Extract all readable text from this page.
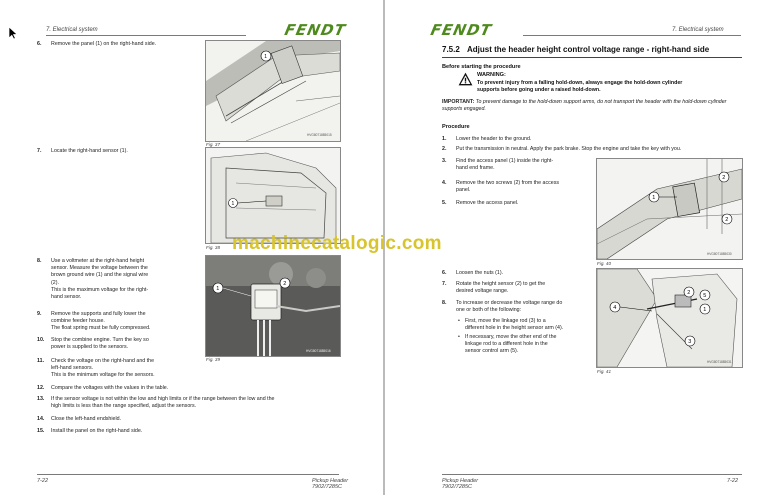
7. Electrical system	FENDT
6. Remove the panel (1) on the right-hand side.
1
Fig. 37
HVG8071885015
7. Locate the right-hand sensor (1).
1
Fig. 38
8. Use a voltmeter at the right-hand height
sensor. Measure the voltage between the
brown ground wire (1) and the signal wire
(2).
This is the maximum voltage for the right-
hand sensor.
1
2
Fig. 39
HVG8071885016
9. Remove the supports and fully lower the
combine feeder house.
The float spring must be fully compressed.
10. Stop the combine engine. Turn the key so
power is supplied to the sensors.
11. Check the voltage on the right-hand and the
left-hand sensors.
This is the minimum voltage for the sensors.
12. Compare the voltages with the values in the table.
13. If the sensor voltage is not within the low and high limits or if the range between the low and the
high limits is less than the range specified, adjust the sensors.
14. Close the left-hand endshield.
15. Install the panel on the right-hand side.
7-22	Pickup Header
7902/7285C
FENDT	7. Electrical system
7.5.2 Adjust the header height control voltage range - right-hand side
Before starting the procedure
WARNING:
To prevent injury from a falling hold-down, always engage the hold-down cylinder
supports before going under a raised hold-down.
IMPORTANT: To prevent damage to the hold-down support arms, do not transport the header with the hold-down cylinder supports engaged.
Procedure
1. Lower the header to the ground.
2. Put the transmission in neutral. Apply the park brake. Stop the engine and take the key with you.
3. Find the access panel (1) inside the right-
hand end frame.
4. Remove the two screws (2) from the access
panel.
5. Remove the access panel.
1
2
2
Fig. 40
HVG8071885030
6. Loosen the nuts (1).
7. Rotate the height sensor (2) to get the
desired voltage range.
8. To increase or decrease the voltage range do
one or both of the following:
• First, move the linkage rod (3) to a
different hole in the height sensor arm (4).
• If necessary, move the other end of the
linkage rod to a different hole in the
sensor control arm (5).
4
5
1
2
3
Fig. 41
HVG8071885031
Pickup Header
7902/7285C
7-22
machinecatalogic.com
